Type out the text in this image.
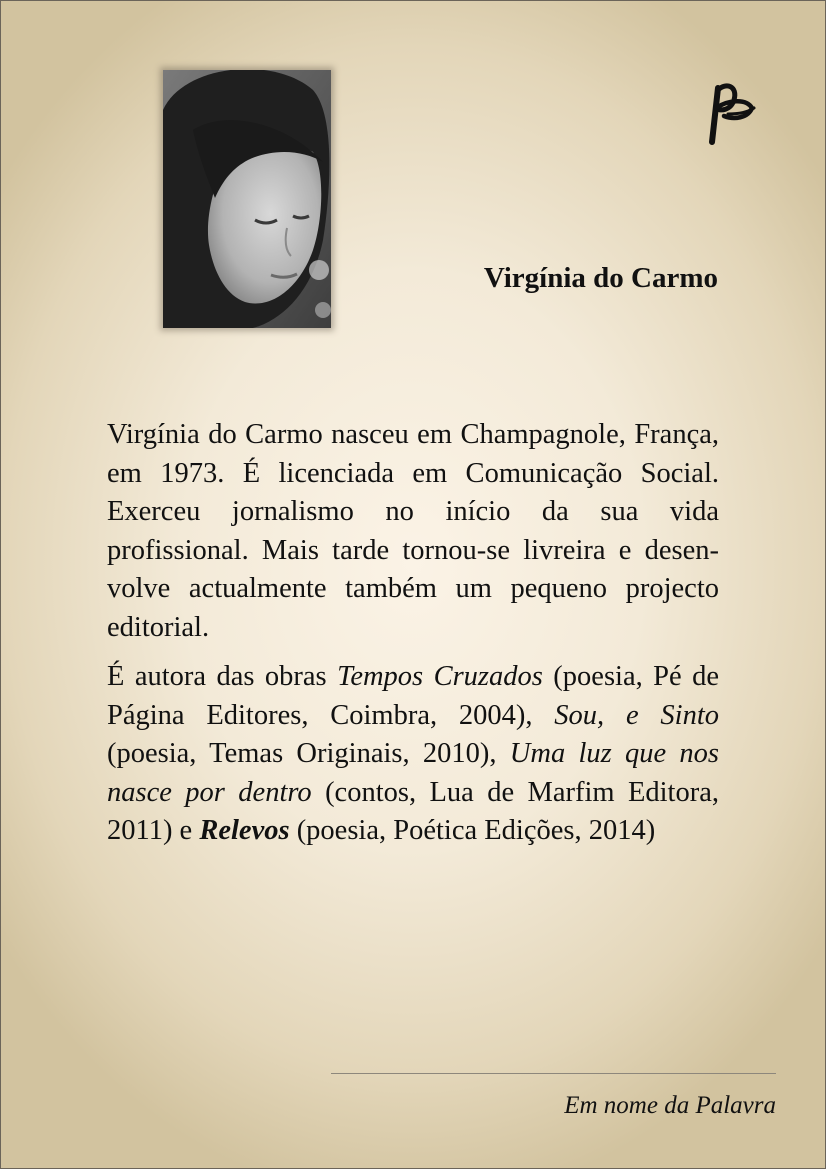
Virgínia do Carmo

Virgínia do Carmo nasceu em Champagnole, França, em 1973. É licenciada em Comunicação Social. Exerceu jornalismo no início da sua vida profissional. Mais tarde tornou-se livreira e desen-volve actualmente também um pequeno projecto editorial.

É autora das obras Tempos Cruzados (poesia, Pé de Página Editores, Coimbra, 2004), Sou, e Sinto (poesia, Temas Originais, 2010), Uma luz que nos nasce por dentro (contos, Lua de Marfim Editora, 2011) e Relevos (poesia, Poética Edições, 2014)

Em nome da Palavra
